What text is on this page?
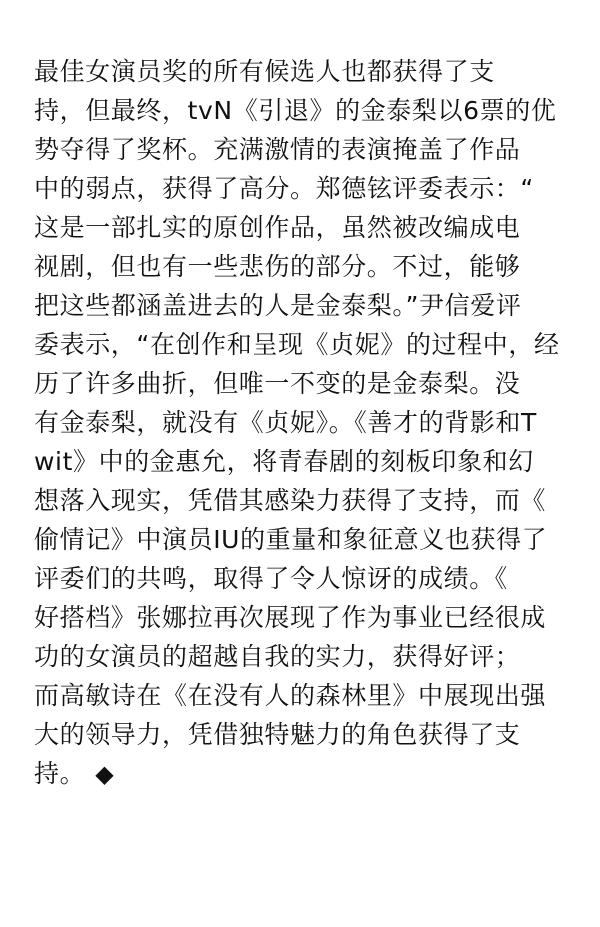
最佳女演员奖的所有候选人也都获得了支
持，但最终，tvN《引退》的金泰梨以6票的优
势夺得了奖杯。充满激情的表演掩盖了作品
中的弱点，获得了高分。郑德铉评委表示：“
这是一部扎实的原创作品，虽然被改编成电
视剧，但也有一些悲伤的部分。不过，能够
把这些都涵盖进去的人是金泰梨。”尹信爱评
委表示，“在创作和呈现《贞妮》的过程中，经
历了许多曲折，但唯一不变的是金泰梨。没
有金泰梨，就没有《贞妮》。《善才的背影和T
wit》中的金惠允，将青春剧的刻板印象和幻
想落入现实，凭借其感染力获得了支持，而《
偷情记》中演员IU的重量和象征意义也获得了
评委们的共鸣，取得了令人惊讶的成绩。《
好搭档》张娜拉再次展现了作为事业已经很成
功的女演员的超越自我的实力，获得好评；
而高敏诗在《在没有人的森林里》中展现出强
大的领导力，凭借独特魅力的角色获得了支
持。 ◆
